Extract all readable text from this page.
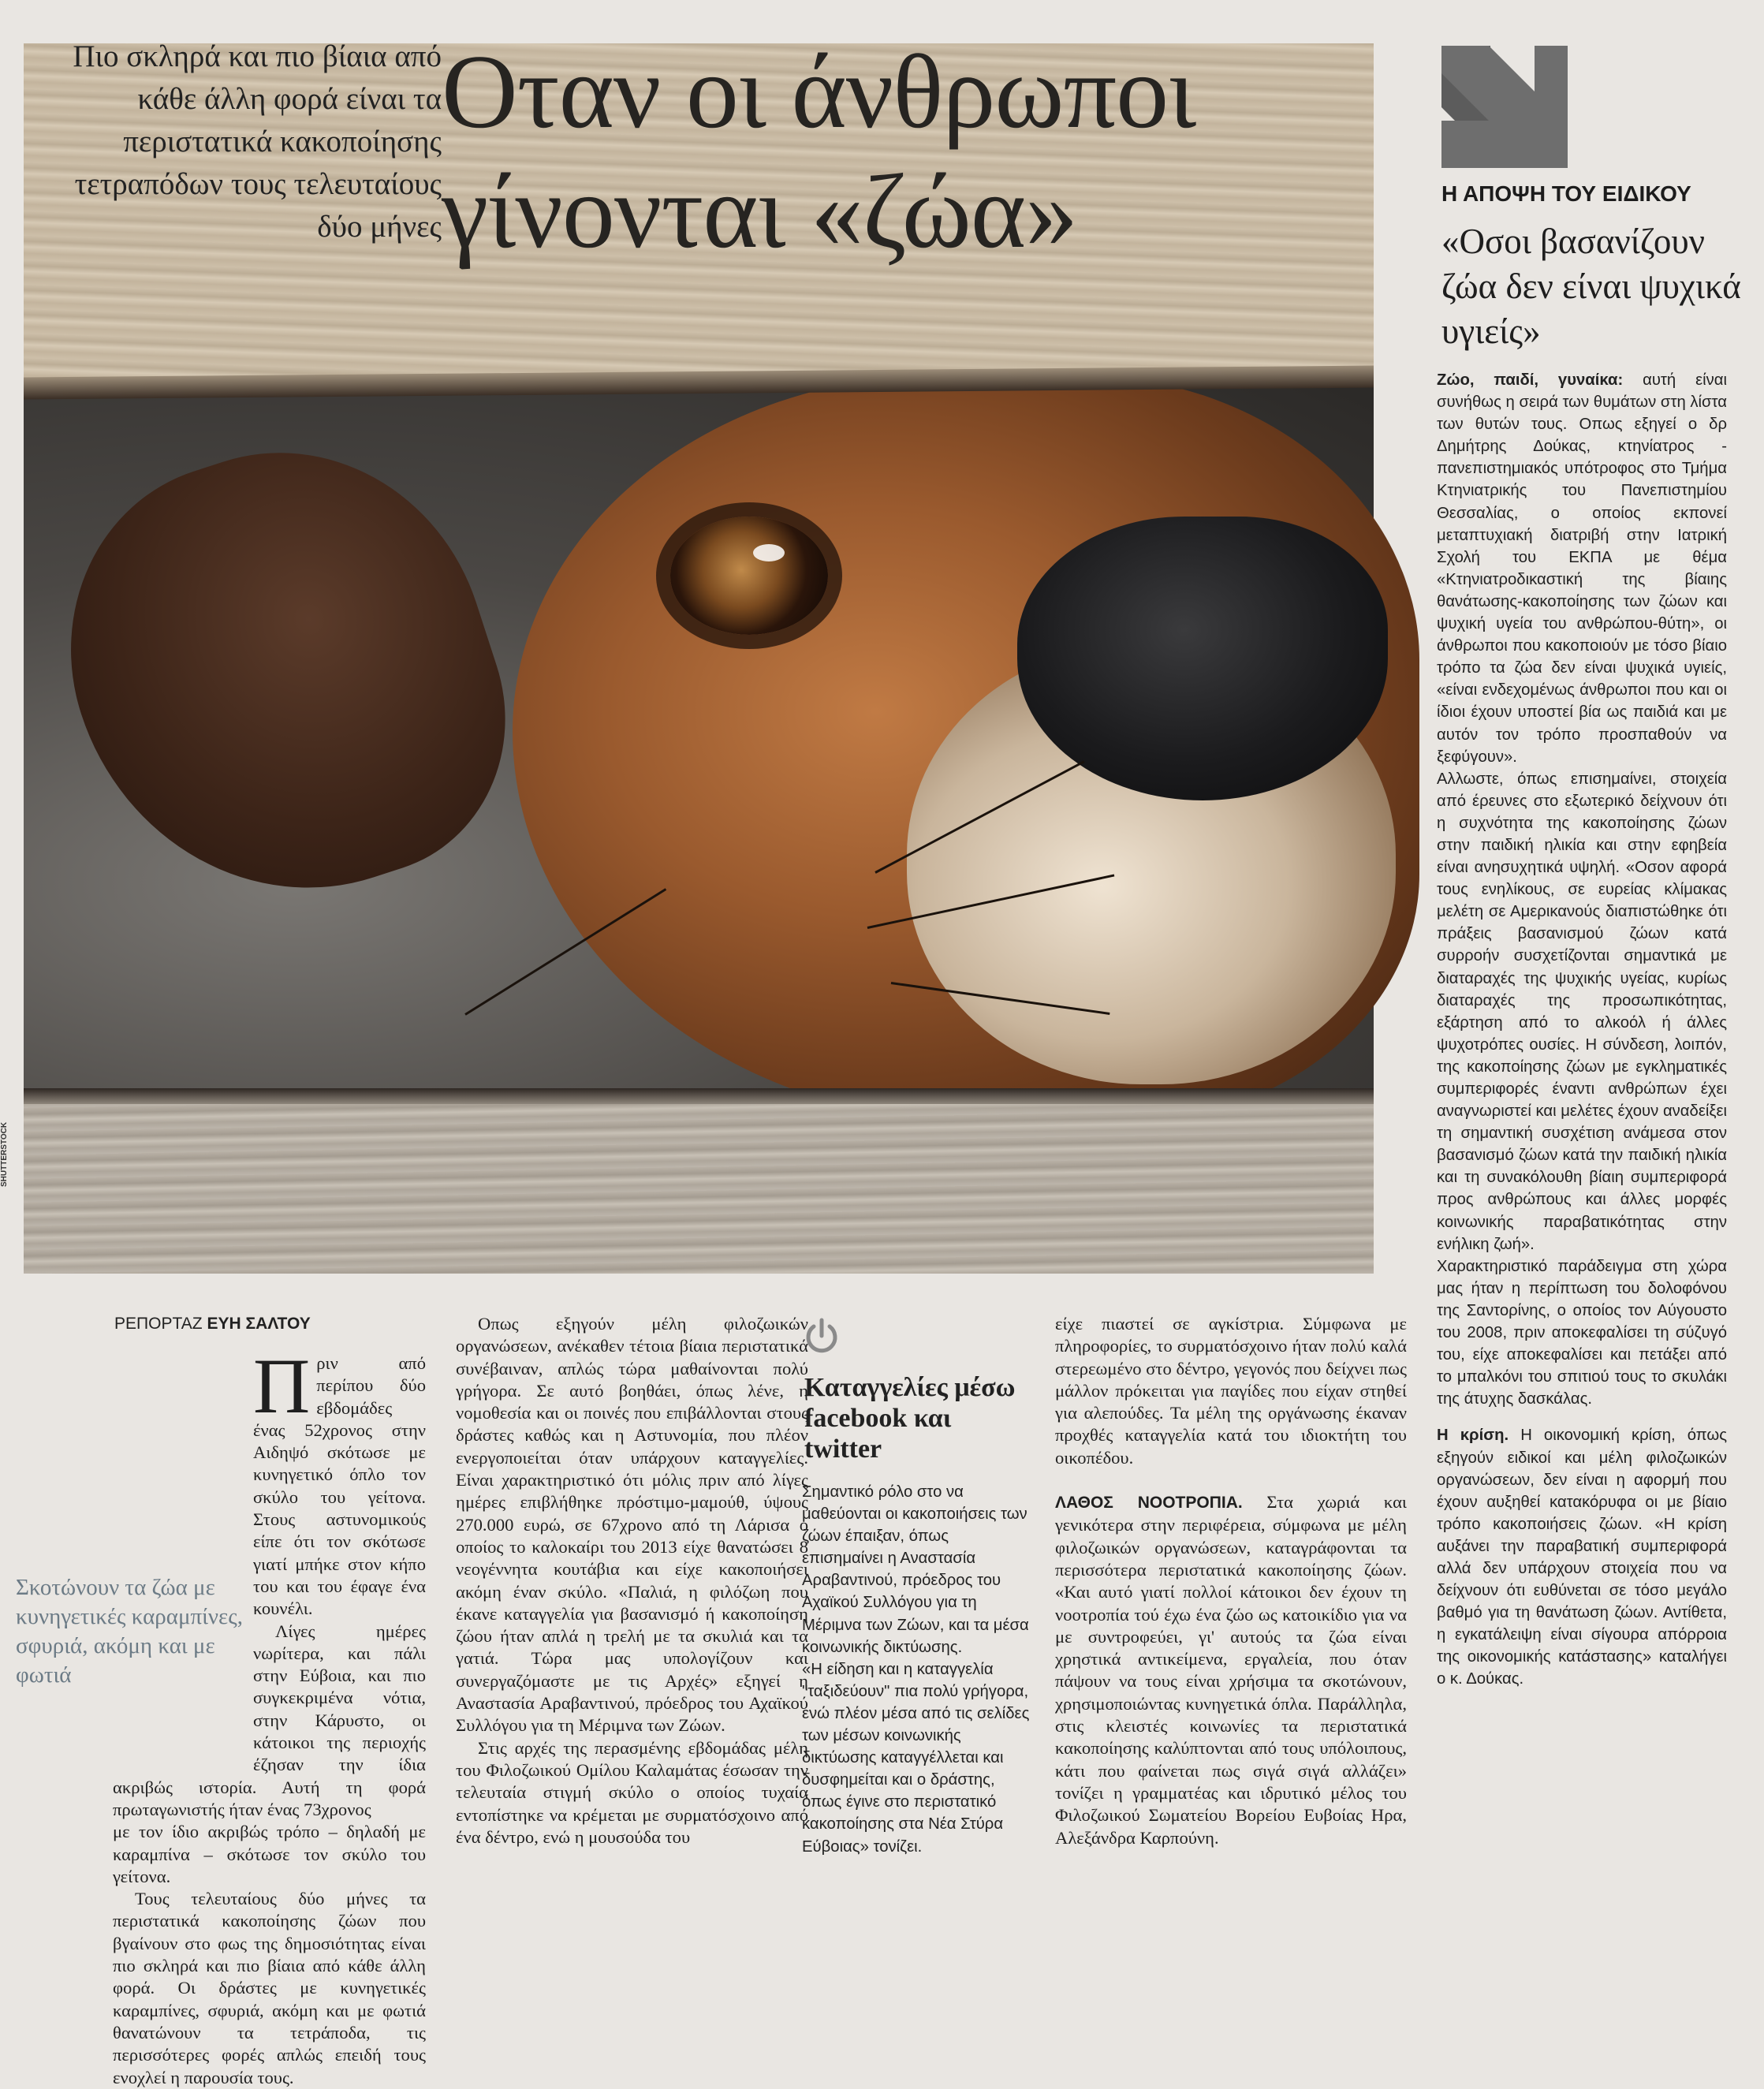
Πιο σκληρά και πιο βίαια από κάθε άλλη φορά είναι τα περιστατικά κακοποίησης τετραπόδων τους τελευταίους δύο μήνες
Οταν οι άνθρωποι
γίνονται «ζώα»
SHUTTERSTOCK
Η ΑΠΟΨΗ ΤΟΥ ΕΙΔΙΚΟΥ
«Οσοι βασανίζουν ζώα δεν είναι ψυχικά υγιείς»

Ζώο, παιδί, γυναίκα: αυτή είναι συνήθως η σειρά των θυμάτων στη λίστα των θυτών τους. Οπως εξηγεί ο δρ Δημήτρης Δούκας, κτηνίατρος - πανεπιστημιακός υπότροφος στο Τμήμα Κτηνιατρικής του Πανεπιστημίου Θεσσαλίας, ο οποίος εκπονεί μεταπτυχιακή διατριβή στην Ιατρική Σχολή του ΕΚΠΑ με θέμα «Κτηνιατροδικαστική της βίαιης θανάτωσης-κακοποίησης των ζώων και ψυχική υγεία του ανθρώπου-θύτη», οι άνθρωποι που κακοποιούν με τόσο βίαιο τρόπο τα ζώα δεν είναι ψυχικά υγιείς, «είναι ενδεχομένως άνθρωποι που και οι ίδιοι έχουν υποστεί βία ως παιδιά και με αυτόν τον τρόπο προσπαθούν να ξεφύγουν».

Αλλωστε, όπως επισημαίνει, στοιχεία από έρευνες στο εξωτερικό δείχνουν ότι η συχνότητα της κακοποίησης ζώων στην παιδική ηλικία και στην εφηβεία είναι ανησυχητικά υψηλή. «Οσον αφορά τους ενηλίκους, σε ευρείας κλίμακας μελέτη σε Αμερικανούς διαπιστώθηκε ότι πράξεις βασανισμού ζώων κατά συρροήν συσχετίζονται σημαντικά με διαταραχές της ψυχικής υγείας, κυρίως διαταραχές της προσωπικότητας, εξάρτηση από το αλκοόλ ή άλλες ψυχοτρόπες ουσίες. Η σύνδεση, λοιπόν, της κακοποίησης ζώων με εγκληματικές συμπεριφορές έναντι ανθρώπων έχει αναγνωριστεί και μελέτες έχουν αναδείξει τη σημαντική συσχέτιση ανάμεσα στον βασανισμό ζώων κατά την παιδική ηλικία και τη συνακόλουθη βίαιη συμπεριφορά προς ανθρώπους και άλλες μορφές κοινωνικής παραβατικότητας στην ενήλικη ζωή».

Χαρακτηριστικό παράδειγμα στη χώρα μας ήταν η περίπτωση του δολοφόνου της Σαντορίνης, ο οποίος τον Αύγουστο του 2008, πριν αποκεφαλίσει τη σύζυγό του, είχε αποκεφαλίσει και πετάξει από το μπαλκόνι του σπιτιού τους το σκυλάκι της άτυχης δασκάλας.

Η κρίση. Η οικονομική κρίση, όπως εξηγούν ειδικοί και μέλη φιλοζωικών οργανώσεων, δεν είναι η αφορμή που έχουν αυξηθεί κατακόρυφα οι με βίαιο τρόπο κακοποιήσεις ζώων. «Η κρίση αυξάνει την παραβατική συμπεριφορά αλλά δεν υπάρχουν στοιχεία που να δείχνουν ότι ευθύνεται σε τόσο μεγάλο βαθμό για τη θανάτωση ζώων. Αντίθετα, η εγκατάλειψη είναι σίγουρα απόρροια της οικονομικής κατάστασης» καταλήγει ο κ. Δούκας.

ΡΕΠΟΡΤΑΖ ΕΥΗ ΣΑΛΤΟΥ

Πριν από περίπου δύο εβδομάδες ένας 52χρονος στην Αιδηψό σκότωσε με κυνηγετικό όπλο τον σκύλο του γείτονα. Στους αστυνομικούς είπε ότι τον σκότωσε γιατί μπήκε στον κήπο του και του έφαγε ένα κουνέλι.

Λίγες ημέρες νωρίτερα, και πάλι στην Εύβοια, και πιο συγκεκριμένα νότια, στην Κάρυστο, οι κάτοικοι της περιοχής έζησαν την ίδια ακριβώς ιστορία. Αυτή τη φορά πρωταγωνιστής ήταν ένας 73χρονος

με τον ίδιο ακριβώς τρόπο – δηλαδή με καραμπίνα – σκότωσε τον σκύλο του γείτονα.

Τους τελευταίους δύο μήνες τα περιστατικά κακοποίησης ζώων που βγαίνουν στο φως της δημοσιότητας είναι πιο σκληρά και πιο βίαια από κάθε άλλη φορά. Οι δράστες με κυνηγετικές καραμπίνες, σφυριά, ακόμη και με φωτιά θανατώνουν τα τετράποδα, τις περισσότερες φορές απλώς επειδή τους ενοχλεί η παρουσία τους.

Οπως εξηγούν μέλη φιλοζωικών οργανώσεων, ανέκαθεν τέτοια βίαια περιστατικά συνέβαιναν, απλώς τώρα μαθαίνονται πολύ γρήγορα. Σε αυτό βοηθάει, όπως λένε, η νομοθεσία και οι ποινές που επιβάλλονται στους δράστες καθώς και η Αστυνομία, που πλέον ενεργοποιείται όταν υπάρχουν καταγγελίες. Είναι χαρακτηριστικό ότι μόλις πριν από λίγες ημέρες επιβλήθηκε πρόστιμο-μαμούθ, ύψους 270.000 ευρώ, σε 67χρονο από τη Λάρισα ο οποίος το καλοκαίρι του 2013 είχε θανατώσει 8 νεογέννητα κουτάβια και είχε κακοποιήσει ακόμη έναν σκύλο. «Παλιά, η φιλόζωη που έκανε καταγγελία για βασανισμό ή κακοποίηση ζώου ήταν απλά η τρελή με τα σκυλιά και τα γατιά. Τώρα μας υπολογίζουν και συνεργαζόμαστε με τις Αρχές» εξηγεί η Αναστασία Αραβαντινού, πρόεδρος του Αχαϊκού Συλλόγου για τη Μέριμνα των Ζώων.

Στις αρχές της περασμένης εβδομάδας μέλη του Φιλοζωικού Ομίλου Καλαμάτας έσωσαν την τελευταία στιγμή σκύλο ο οποίος τυχαία εντοπίστηκε να κρέμεται με συρματόσχοινο από ένα δέντρο, ενώ η μουσούδα του

Καταγγελίες μέσω facebook και twitter

Σημαντικό ρόλο στο να μαθεύονται οι κακοποιήσεις των ζώων έπαιξαν, όπως επισημαίνει η Αναστασία Αραβαντινού, πρόεδρος του Αχαϊκού Συλλόγου για τη Μέριμνα των Ζώων, και τα μέσα κοινωνικής δικτύωσης.

«Η είδηση και η καταγγελία "ταξιδεύουν" πια πολύ γρήγορα, ενώ πλέον μέσα από τις σελίδες των μέσων κοινωνικής δικτύωσης καταγγέλλεται και δυσφημείται και ο δράστης, όπως έγινε στο περιστατικό κακοποίησης στα Νέα Στύρα Εύβοιας» τονίζει.

είχε πιαστεί σε αγκίστρια. Σύμφωνα με πληροφορίες, το συρματόσχοινο ήταν πολύ καλά στερεωμένο στο δέντρο, γεγονός που δείχνει πως μάλλον πρόκειται για παγίδες που είχαν στηθεί για αλεπούδες. Τα μέλη της οργάνωσης έκαναν προχθές καταγγελία κατά του ιδιοκτήτη του οικοπέδου.

ΛΑΘΟΣ ΝΟΟΤΡΟΠΙΑ. Στα χωριά και γενικότερα στην περιφέρεια, σύμφωνα με μέλη φιλοζωικών οργανώσεων, καταγράφονται τα περισσότερα περιστατικά κακοποίησης ζώων. «Και αυτό γιατί πολλοί κάτοικοι δεν έχουν τη νοοτροπία τού έχω ένα ζώο ως κατοικίδιο για να με συντροφεύει, γι' αυτούς τα ζώα είναι χρηστικά αντικείμενα, εργαλεία, που όταν πάψουν να τους είναι χρήσιμα τα σκοτώνουν, χρησιμοποιώντας κυνηγετικά όπλα. Παράλληλα, στις κλειστές κοινωνίες τα περιστατικά κακοποίησης καλύπτονται από τους υπόλοιπους, κάτι που φαίνεται πως σιγά σιγά αλλάζει» τονίζει η γραμματέας και ιδρυτικό μέλος του Φιλοζωικού Σωματείου Βορείου Ευβοίας Ηρα, Αλεξάνδρα Καρπούνη.

Σκοτώνουν τα ζώα με κυνηγετικές καραμπίνες, σφυριά, ακόμη και με φωτιά
